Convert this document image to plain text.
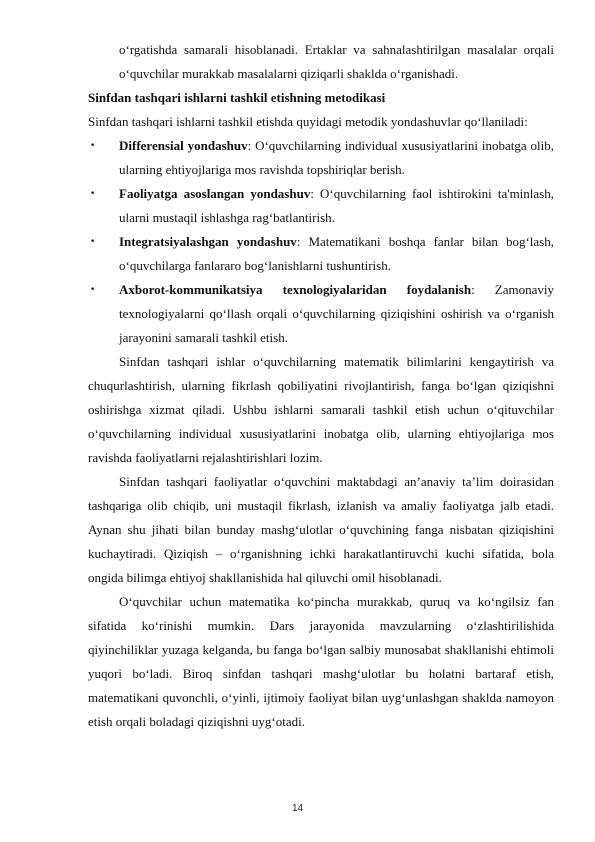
o‘rgatishda samarali hisoblanadi. Ertaklar va sahnalashtirilgan masalalar orqali o‘quvchilar murakkab masalalarni qiziqarli shaklda o‘rganishadi.

Sinfdan tashqari ishlarni tashkil etishning metodikasi

Sinfdan tashqari ishlarni tashkil etishda quyidagi metodik yondashuvlar qo‘llaniladi:

•	Differensial yondashuv: O‘quvchilarning individual xususiyatlarini inobatga olib, ularning ehtiyojlariga mos ravishda topshiriqlar berish.
•	Faoliyatga asoslangan yondashuv: O‘quvchilarning faol ishtirokini ta'minlash, ularni mustaqil ishlashga rag‘batlantirish.
•	Integratsiyalashgan yondashuv: Matematikani boshqa fanlar bilan bog‘lash, o‘quvchilarga fanlararo bog‘lanishlarni tushuntirish.
•	Axborot-kommunikatsiya texnologiyalaridan foydalanish: Zamonaviy texnologiyalarni qo‘llash orqali o‘quvchilarning qiziqishini oshirish va o‘rganish jarayonini samarali tashkil etish.

Sinfdan tashqari ishlar o‘quvchilarning matematik bilimlarini kengaytirish va chuqurlashtirish, ularning fikrlash qobiliyatini rivojlantirish, fanga bo‘lgan qiziqishni oshirishga xizmat qiladi. Ushbu ishlarni samarali tashkil etish uchun o‘qituvchilar o‘quvchilarning individual xususiyatlarini inobatga olib, ularning ehtiyojlariga mos ravishda faoliyatlarni rejalashtirishlari lozim.

Sinfdan tashqari faoliyatlar o‘quvchini maktabdagi an’anaviy ta’lim doirasidan tashqariga olib chiqib, uni mustaqil fikrlash, izlanish va amaliy faoliyatga jalb etadi. Aynan shu jihati bilan bunday mashg‘ulotlar o‘quvchining fanga nisbatan qiziqishini kuchaytiradi. Qiziqish – o‘rganishning ichki harakatlantiruvchi kuchi sifatida, bola ongida bilimga ehtiyoj shakllanishida hal qiluvchi omil hisoblanadi.

O‘quvchilar uchun matematika ko‘pincha murakkab, quruq va ko‘ngilsiz fan sifatida ko‘rinishi mumkin. Dars jarayonida mavzularning o‘zlashtirilishida qiyinchiliklar yuzaga kelganda, bu fanga bo‘lgan salbiy munosabat shakllanishi ehtimoli yuqori bo‘ladi. Biroq sinfdan tashqari mashg‘ulotlar bu holatni bartaraf etish, matematikani quvonchli, o‘yinli, ijtimoiy faoliyat bilan uyg‘unlashgan shaklda namoyon etish orqali boladagi qiziqishni uyg‘otadi.

14
